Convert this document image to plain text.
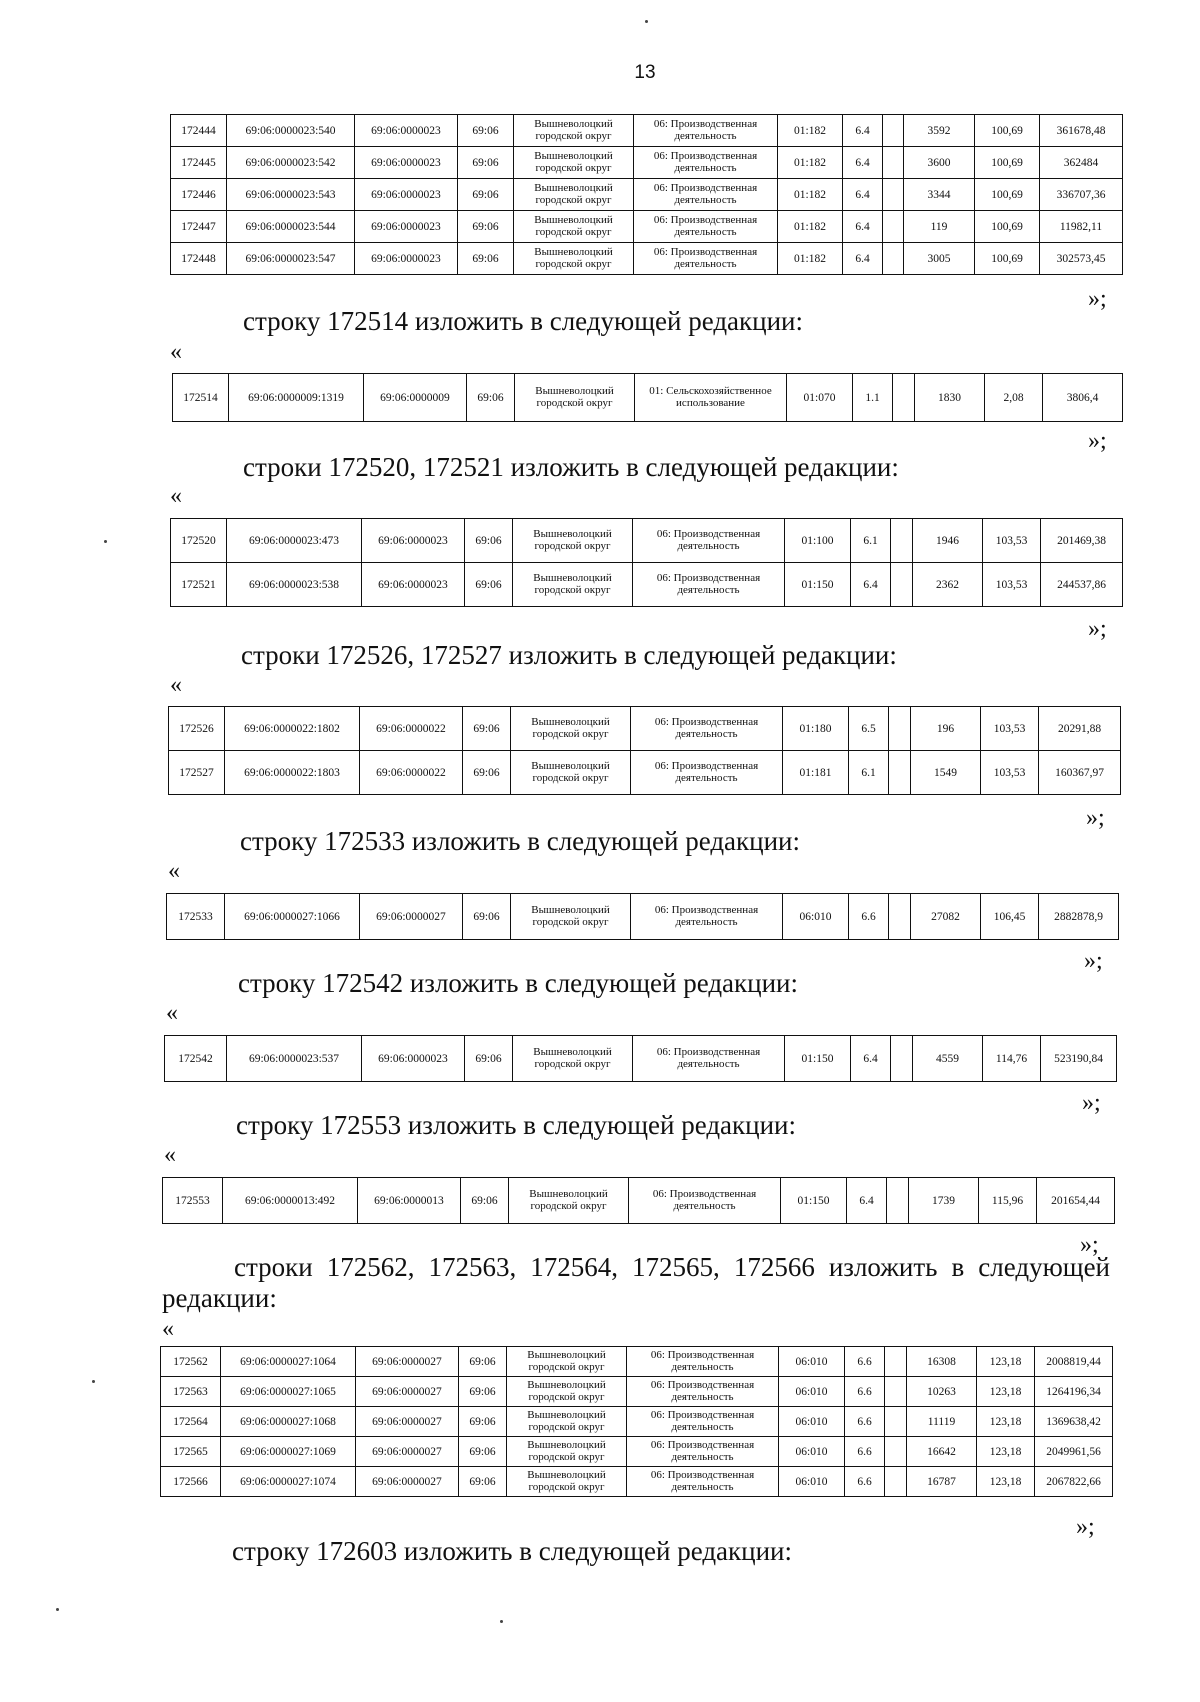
13
172444	69:06:0000023:540	69:06:0000023	69:06	Вышневолоцкий городской округ	06: Производственная деятельность	01:182	6.4		3592	100,69	361678,48
172445	69:06:0000023:542	69:06:0000023	69:06	Вышневолоцкий городской округ	06: Производственная деятельность	01:182	6.4		3600	100,69	362484
172446	69:06:0000023:543	69:06:0000023	69:06	Вышневолоцкий городской округ	06: Производственная деятельность	01:182	6.4		3344	100,69	336707,36
172447	69:06:0000023:544	69:06:0000023	69:06	Вышневолоцкий городской округ	06: Производственная деятельность	01:182	6.4		119	100,69	11982,11
172448	69:06:0000023:547	69:06:0000023	69:06	Вышневолоцкий городской округ	06: Производственная деятельность	01:182	6.4		3005	100,69	302573,45
»;
строку 172514 изложить в следующей редакции:
«
172514	69:06:0000009:1319	69:06:0000009	69:06	Вышневолоцкий городской округ	01: Сельскохозяйственное использование	01:070	1.1		1830	2,08	3806,4
»;
строки 172520, 172521 изложить в следующей редакции:
«
172520	69:06:0000023:473	69:06:0000023	69:06	Вышневолоцкий городской округ	06: Производственная деятельность	01:100	6.1		1946	103,53	201469,38
172521	69:06:0000023:538	69:06:0000023	69:06	Вышневолоцкий городской округ	06: Производственная деятельность	01:150	6.4		2362	103,53	244537,86
»;
строки 172526, 172527 изложить в следующей редакции:
«
172526	69:06:0000022:1802	69:06:0000022	69:06	Вышневолоцкий городской округ	06: Производственная деятельность	01:180	6.5		196	103,53	20291,88
172527	69:06:0000022:1803	69:06:0000022	69:06	Вышневолоцкий городской округ	06: Производственная деятельность	01:181	6.1		1549	103,53	160367,97
»;
строку 172533 изложить в следующей редакции:
«
172533	69:06:0000027:1066	69:06:0000027	69:06	Вышневолоцкий городской округ	06: Производственная деятельность	06:010	6.6		27082	106,45	2882878,9
»;
строку 172542 изложить в следующей редакции:
«
172542	69:06:0000023:537	69:06:0000023	69:06	Вышневолоцкий городской округ	06: Производственная деятельность	01:150	6.4		4559	114,76	523190,84
»;
строку 172553 изложить в следующей редакции:
«
172553	69:06:0000013:492	69:06:0000013	69:06	Вышневолоцкий городской округ	06: Производственная деятельность	01:150	6.4		1739	115,96	201654,44
»;
строки 172562, 172563, 172564, 172565, 172566 изложить в следующей
редакции:
«
172562	69:06:0000027:1064	69:06:0000027	69:06	Вышневолоцкий городской округ	06: Производственная деятельность	06:010	6.6		16308	123,18	2008819,44
172563	69:06:0000027:1065	69:06:0000027	69:06	Вышневолоцкий городской округ	06: Производственная деятельность	06:010	6.6		10263	123,18	1264196,34
172564	69:06:0000027:1068	69:06:0000027	69:06	Вышневолоцкий городской округ	06: Производственная деятельность	06:010	6.6		11119	123,18	1369638,42
172565	69:06:0000027:1069	69:06:0000027	69:06	Вышневолоцкий городской округ	06: Производственная деятельность	06:010	6.6		16642	123,18	2049961,56
172566	69:06:0000027:1074	69:06:0000027	69:06	Вышневолоцкий городской округ	06: Производственная деятельность	06:010	6.6		16787	123,18	2067822,66
»;
строку 172603 изложить в следующей редакции:
